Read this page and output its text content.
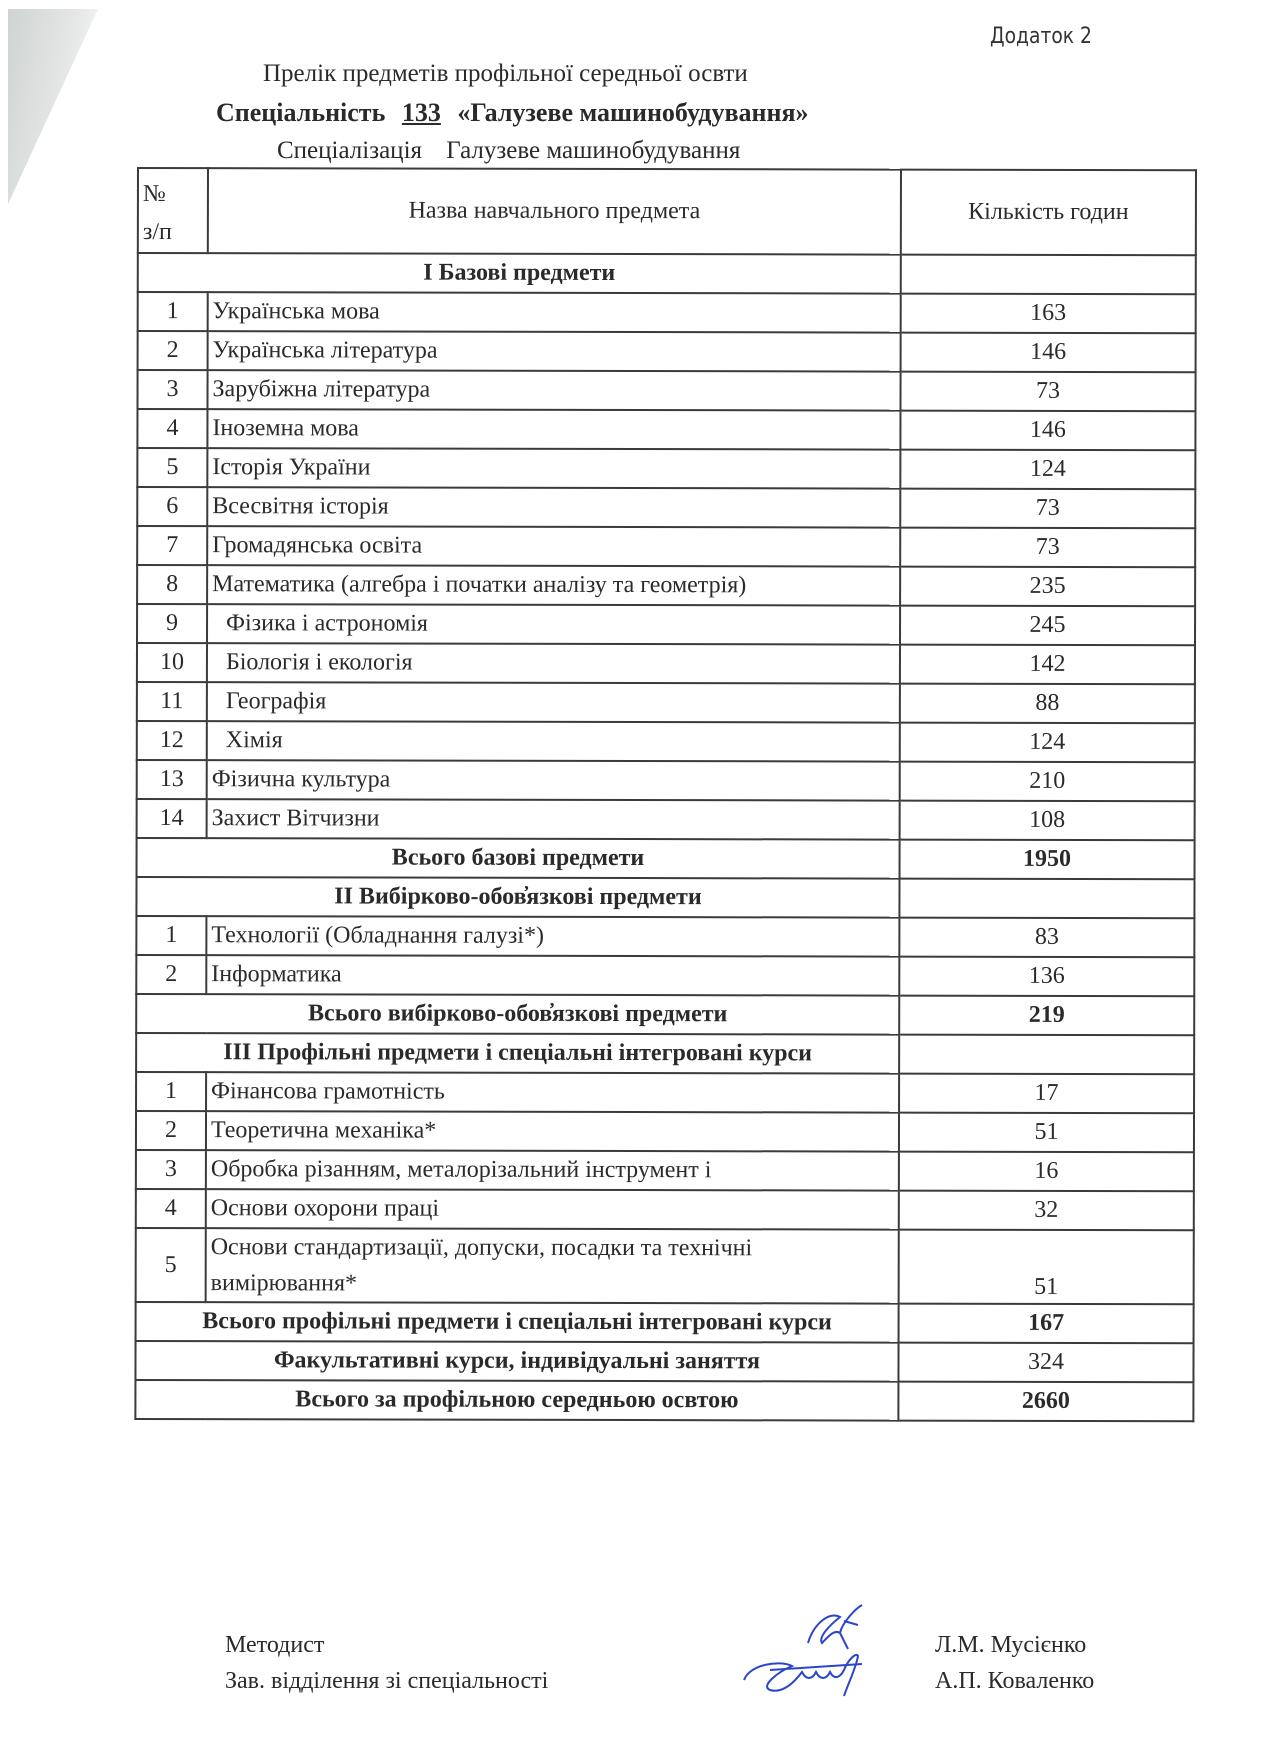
Додаток 2
Прелік предметів профільної середньої освти
Спеціальність 133 «Галузеве машинобудування»
Спеціалізація Галузеве машинобудування
№
з/п	Назва навчального предмета	Кількість годин
І Базові предмети		
1	Українська мова	163
2	Українська література	146
3	Зарубіжна література	73
4	Іноземна мова	146
5	Історія України	124
6	Всесвітня історія	73
7	Громадянська освіта	73
8	Математика (алгебра і початки аналізу та геометрія)	235
9	Фізика і астрономія	245
10	Біологія і екологія	142
11	Географія	88
12	Хімія	124
13	Фізична культура	210
14	Захист Вітчизни	108
Всього базові предмети		1950
ІІ Вибірково-обов̓язкові предмети		
1	Технології (Обладнання галузі*)	83
2	Інформатика	136
Всього вибірково-обов̓язкові предмети		219
ІІІ Профільні предмети і спеціальні інтегровані курси		
1	Фінансова грамотність	17
2	Теоретична механіка*	51
3	Обробка різанням, металорізальний інструмент і	16
4	Основи охорони праці	32
5	Основи стандартизації, допуски, посадки та технічні вимірювання*	51
Всього профільні предмети і спеціальні інтегровані курси		167
Факультативні курси, індивідуальні заняття		324
Всього за профільною середньою освтою		2660
Методист	Л.М. Мусієнко
Зав. відділення зі спеціальності	А.П. Коваленко
